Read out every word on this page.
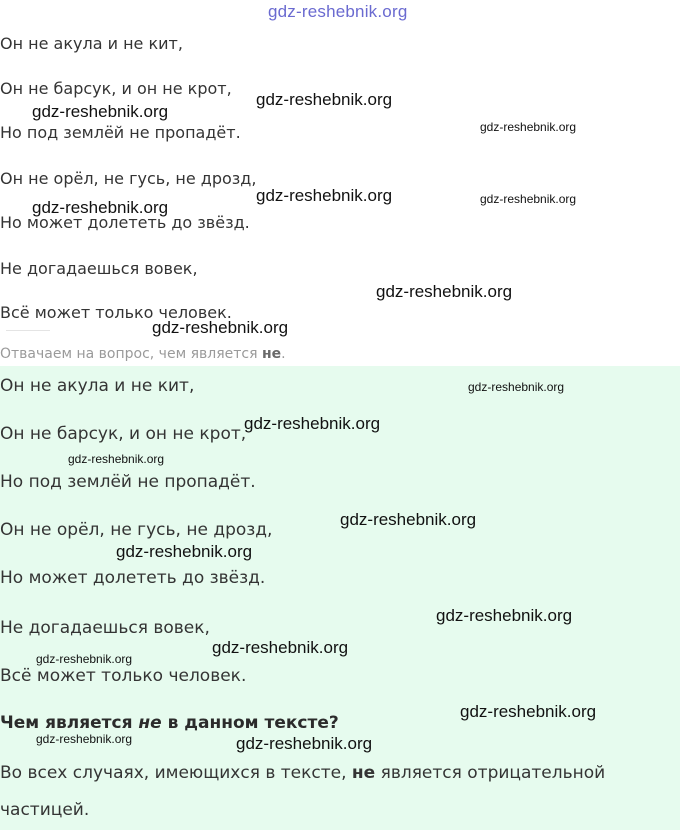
gdz-reshebnik.org
Он не акула и не кит,
Он не барсук, и он не крот,
Но под землёй не пропадёт.
Он не орёл, не гусь, не дрозд,
Но может долететь до звёзд.
Не догадаешься вовек,
Всё может только человек.
Отвачаем на вопрос, чем является не.
Он не акула и не кит,
Он не барсук, и он не крот,
Но под землёй не пропадёт.
Он не орёл, не гусь, не дрозд,
Но может долететь до звёзд.
Не догадаешься вовек,
Всё может только человек.
Чем является не в данном тексте?
Во всех случаях, имеющихся в тексте, не является отрицательной
частицей.
gdz-reshebnik.org
gdz-reshebnik.org
gdz-reshebnik.org
gdz-reshebnik.org
gdz-reshebnik.org	gdz-reshebnik.org
gdz-reshebnik.org
gdz-reshebnik.org
gdz-reshebnik.org
gdz-reshebnik.org
gdz-reshebnik.org
gdz-reshebnik.org
gdz-reshebnik.org
gdz-reshebnik.org
gdz-reshebnik.org
gdz-reshebnik.org
gdz-reshebnik.org
gdz-reshebnik.org	gdz-reshebnik.org
